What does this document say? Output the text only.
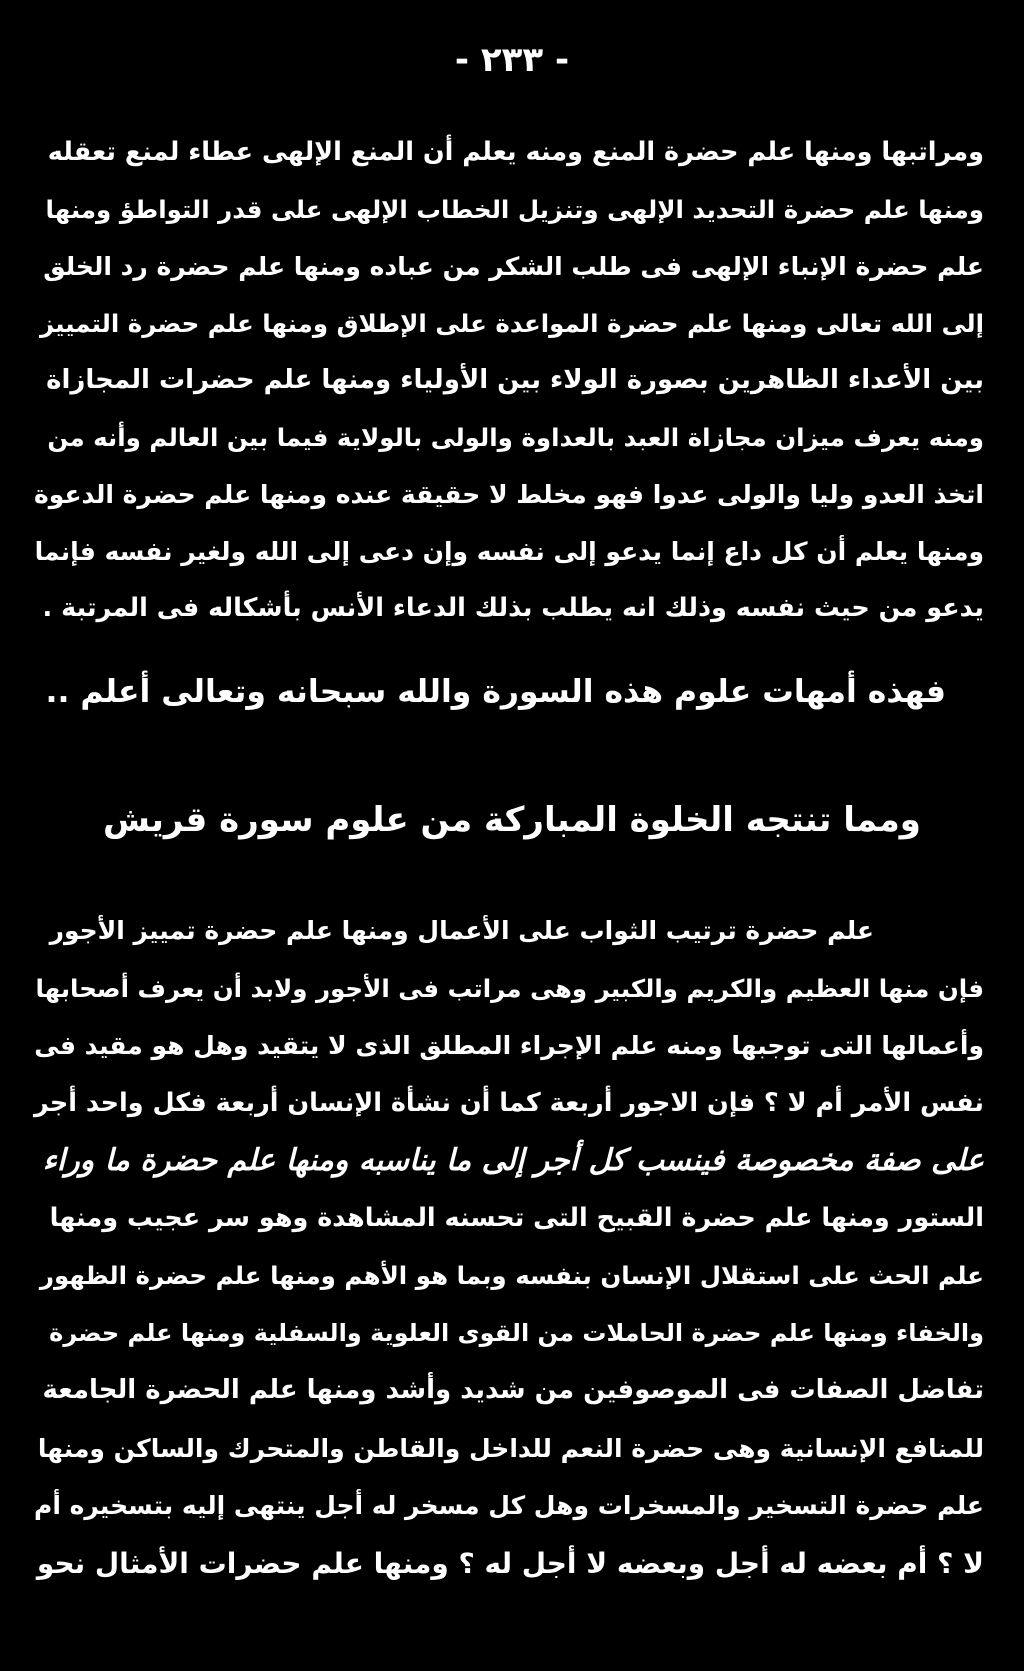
- ٢٣٣ -
ومراتبها ومنها علم حضرة المنع ومنه يعلم أن المنع الإلهى عطاء لمنع تعقله
ومنها علم حضرة التحديد الإلهى وتنزيل الخطاب الإلهى على قدر التواطؤ ومنها
علم حضرة الإنباء الإلهى فى طلب الشكر من عباده ومنها علم حضرة رد الخلق
إلى الله تعالى ومنها علم حضرة المواعدة على الإطلاق ومنها علم حضرة التمييز
بين الأعداء الظاهرين بصورة الولاء بين الأولياء ومنها علم حضرات المجازاة
ومنه يعرف ميزان مجازاة العبد بالعداوة والولى بالولاية فيما بين العالم وأنه من
اتخذ العدو وليا والولى عدوا فهو مخلط لا حقيقة عنده ومنها علم حضرة الدعوة
ومنها يعلم أن كل داع إنما يدعو إلى نفسه وإن دعى إلى الله ولغير نفسه فإنما
يدعو من حيث نفسه وذلك انه يطلب بذلك الدعاء الأنس بأشكاله فى المرتبة .
فهذه أمهات علوم هذه السورة والله سبحانه وتعالى أعلم ..
ومما تنتجه الخلوة المباركة من علوم سورة قريش
علم حضرة ترتيب الثواب على الأعمال ومنها علم حضرة تمييز الأجور
فإن منها العظيم والكريم والكبير وهى مراتب فى الأجور ولابد أن يعرف أصحابها
وأعمالها التى توجبها ومنه علم الإجراء المطلق الذى لا يتقيد وهل هو مقيد فى
نفس الأمر أم لا ؟ فإن الاجور أربعة كما أن نشأة الإنسان أربعة فكل واحد أجر
على صفة مخصوصة فينسب كل أجر إلى ما يناسبه ومنها علم حضرة ما وراء
الستور ومنها علم حضرة القبيح التى تحسنه المشاهدة وهو سر عجيب ومنها
علم الحث على استقلال الإنسان بنفسه وبما هو الأهم ومنها علم حضرة الظهور
والخفاء ومنها علم حضرة الحاملات من القوى العلوية والسفلية ومنها علم حضرة
تفاضل الصفات فى الموصوفين من شديد وأشد ومنها علم الحضرة الجامعة
للمنافع الإنسانية وهى حضرة النعم للداخل والقاطن والمتحرك والساكن ومنها
علم حضرة التسخير والمسخرات وهل كل مسخر له أجل ينتهى إليه بتسخيره أم
لا ؟ أم بعضه له أجل وبعضه لا أجل له ؟ ومنها علم حضرات الأمثال نحو
